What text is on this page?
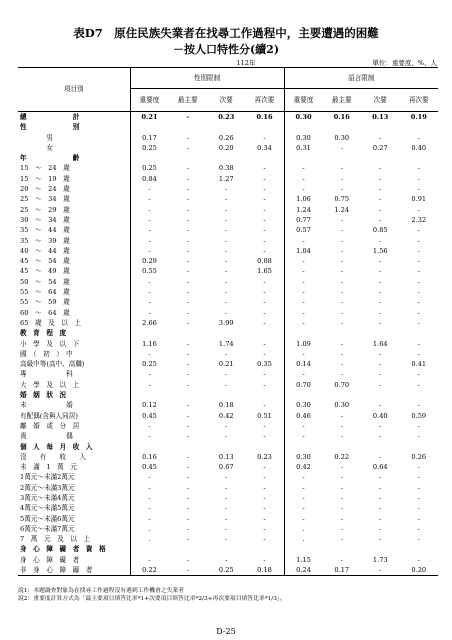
表D7　原住民族失業者在找尋工作過程中，主要遭遇的困難
－按人口特性分(續2)
112年	單位：重要度、%、人
項目別	性別限制				語言限制			
	重要度	最主要	次要	再次要	重要度	最主要	次要	再次要
總　　　　　　　計	0.21	-	0.23	0.16	0.30	0.16	0.13	0.19
性　　　　　　　別								
　　　　男	0.17	-	0.26	-	0.30	0.30	-	-
　　　　女	0.25	-	0.20	0.34	0.31	-	0.27	0.40
年　　　　　　　齡								
15　～　24　歲	0.25	-	0.38	-	-	-	-	-
15　～　19　歲	0.84	-	1.27	-	-	-	-	-
20　～　24　歲	-	-	-	-	-	-	-	-
25　～　34　歲	-	-	-	-	1.06	0.75	-	0.91
25　～　29　歲	-	-	-	-	1.24	1.24	-	-
30　～　34　歲	-	-	-	-	0.77	-	-	2.32
35　～　44　歲	-	-	-	-	0.57	-	0.85	-
35　～　39　歲	-	-	-	-	-	-	-	-
40　～　44　歲	-	-	-	-	1.04	-	1.56	-
45　～　54　歲	0.29	-	-	0.88	-	-	-	-
45　～　49　歲	0.55	-	-	1.65	-	-	-	-
50　～　54　歲	-	-	-	-	-	-	-	-
55　～　64　歲	-	-	-	-	-	-	-	-
55　～　59　歲	-	-	-	-	-	-	-	-
60　～　64　歲	-	-	-	-	-	-	-	-
65　歲　及　以　上	2.66	-	3.99	-	-	-	-	-
教　育　程　度								
小　學　及　以　下	1.16	-	1.74	-	1.09	-	1.64	-
國　（　初　）　中	-	-	-	-	-	-	-	-
高級中等(高中、高職)	0.25	-	0.21	0.35	0.14	-	-	0.41
專　　　　　　科	-	-	-	-	-	-	-	-
大　學　及　以　上	-	-	-	-	0.70	0.70	-	-
婚　姻　狀　況								
未　　　　　　婚	0.12	-	0.18	-	0.30	0.30	-	-
有配偶(含與人同居)	0.45	-	0.42	0.51	0.46	-	0.40	0.59
離　婚　或　分　居	-	-	-	-	-	-	-	-
喪　　　　　　偶	-	-	-	-	-	-	-	-
個　人　每　月　收　入								
沒　　有　　收　　入	0.16	-	0.13	0.23	0.30	0.22	-	0.26
未　滿　1　萬　元	0.45	-	0.67	-	0.42	-	0.64	-
1萬元～未滿2萬元	-	-	-	-	-	-	-	-
2萬元～未滿3萬元	-	-	-	-	-	-	-	-
3萬元～未滿4萬元	-	-	-	-	-	-	-	-
4萬元～未滿5萬元	-	-	-	-	-	-	-	-
5萬元～未滿6萬元	-	-	-	-	-	-	-	-
6萬元～未滿7萬元	.	-	-	-	.	-	-	-
7　萬　元　及　以　上	.	-	-	-	.	-	-	-
身　心　障　礙　者　資　格								
身　心　障　礙　者	-	-	-	-	1.15	-	1.73	-
非　身　心　障　礙　者	0.22	-	0.25	0.18	0.24	0.17	-	0.20
說1：本題調查對象為在找尋工作過程沒有遇到工作機會之失業者
說2：重要度計算方式為「最主要項目填答比率*1+次要項目填答比率*2/3+再次要項目填答比率*1/3」。
D-25
